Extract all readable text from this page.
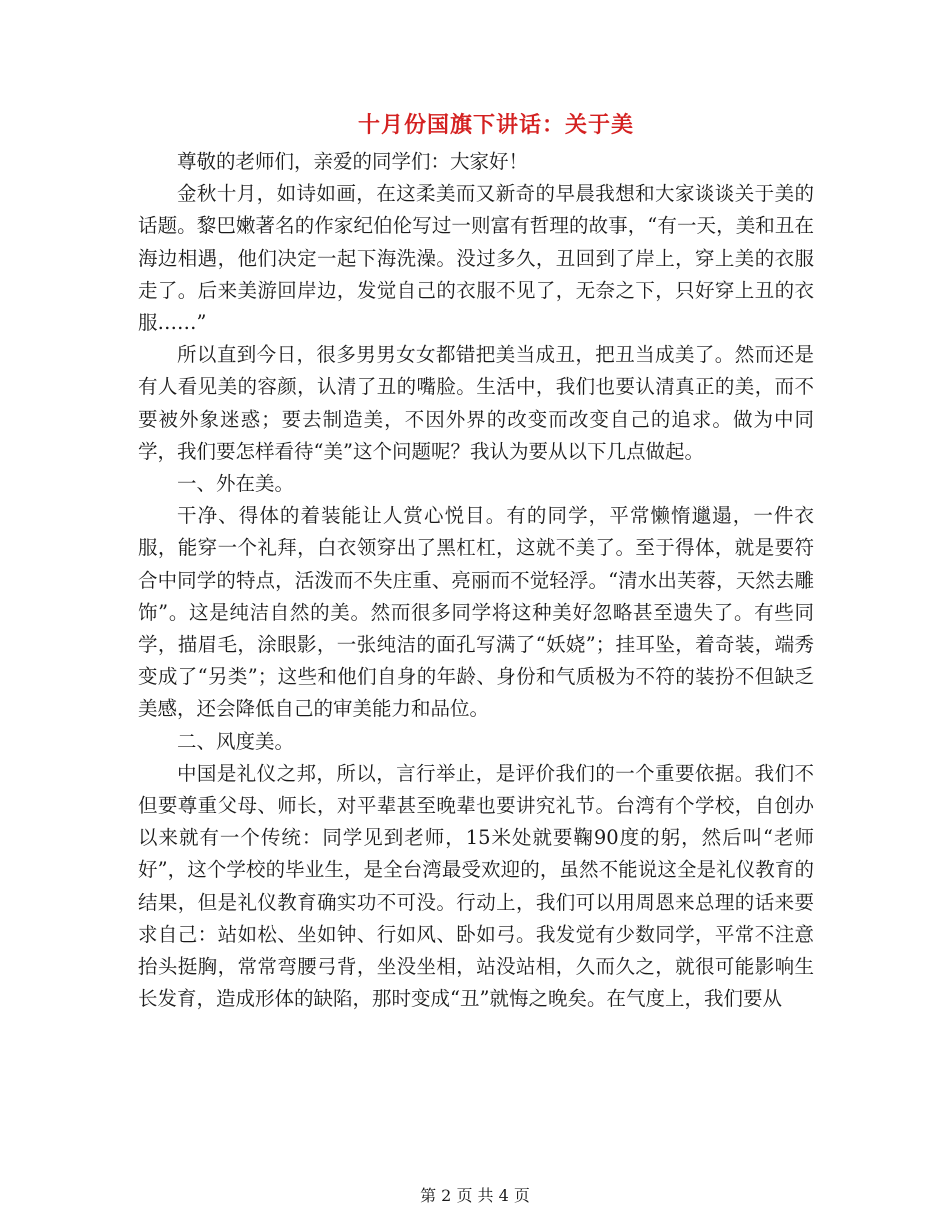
十月份国旗下讲话：关于美

尊敬的老师们，亲爱的同学们：大家好！

金秋十月，如诗如画，在这柔美而又新奇的早晨我想和大家谈谈关于美的话题。黎巴嫩著名的作家纪伯伦写过一则富有哲理的故事，“有一天，美和丑在海边相遇，他们决定一起下海洗澡。没过多久，丑回到了岸上，穿上美的衣服走了。后来美游回岸边，发觉自己的衣服不见了，无奈之下，只好穿上丑的衣服……”

所以直到今日，很多男男女女都错把美当成丑，把丑当成美了。然而还是有人看见美的容颜，认清了丑的嘴脸。生活中，我们也要认清真正的美，而不要被外象迷惑；要去制造美，不因外界的改变而改变自己的追求。做为中同学，我们要怎样看待“美”这个问题呢？我认为要从以下几点做起。

一、外在美。

干净、得体的着装能让人赏心悦目。有的同学，平常懒惰邋遢，一件衣服，能穿一个礼拜，白衣领穿出了黑杠杠，这就不美了。至于得体，就是要符合中同学的特点，活泼而不失庄重、亮丽而不觉轻浮。“清水出芙蓉，天然去雕饰”。这是纯洁自然的美。然而很多同学将这种美好忽略甚至遗失了。有些同学，描眉毛，涂眼影，一张纯洁的面孔写满了“妖娆”；挂耳坠，着奇装，端秀变成了“另类”；这些和他们自身的年龄、身份和气质极为不符的装扮不但缺乏美感，还会降低自己的审美能力和品位。

二、风度美。

中国是礼仪之邦，所以，言行举止，是评价我们的一个重要依据。我们不但要尊重父母、师长，对平辈甚至晚辈也要讲究礼节。台湾有个学校，自创办以来就有一个传统：同学见到老师，15米处就要鞠90度的躬，然后叫“老师好”，这个学校的毕业生，是全台湾最受欢迎的，虽然不能说这全是礼仪教育的结果，但是礼仪教育确实功不可没。行动上，我们可以用周恩来总理的话来要求自己：站如松、坐如钟、行如风、卧如弓。我发觉有少数同学，平常不注意抬头挺胸，常常弯腰弓背，坐没坐相，站没站相，久而久之，就很可能影响生长发育，造成形体的缺陷，那时变成“丑”就悔之晚矣。在气度上，我们要从

第 2 页 共 4 页
